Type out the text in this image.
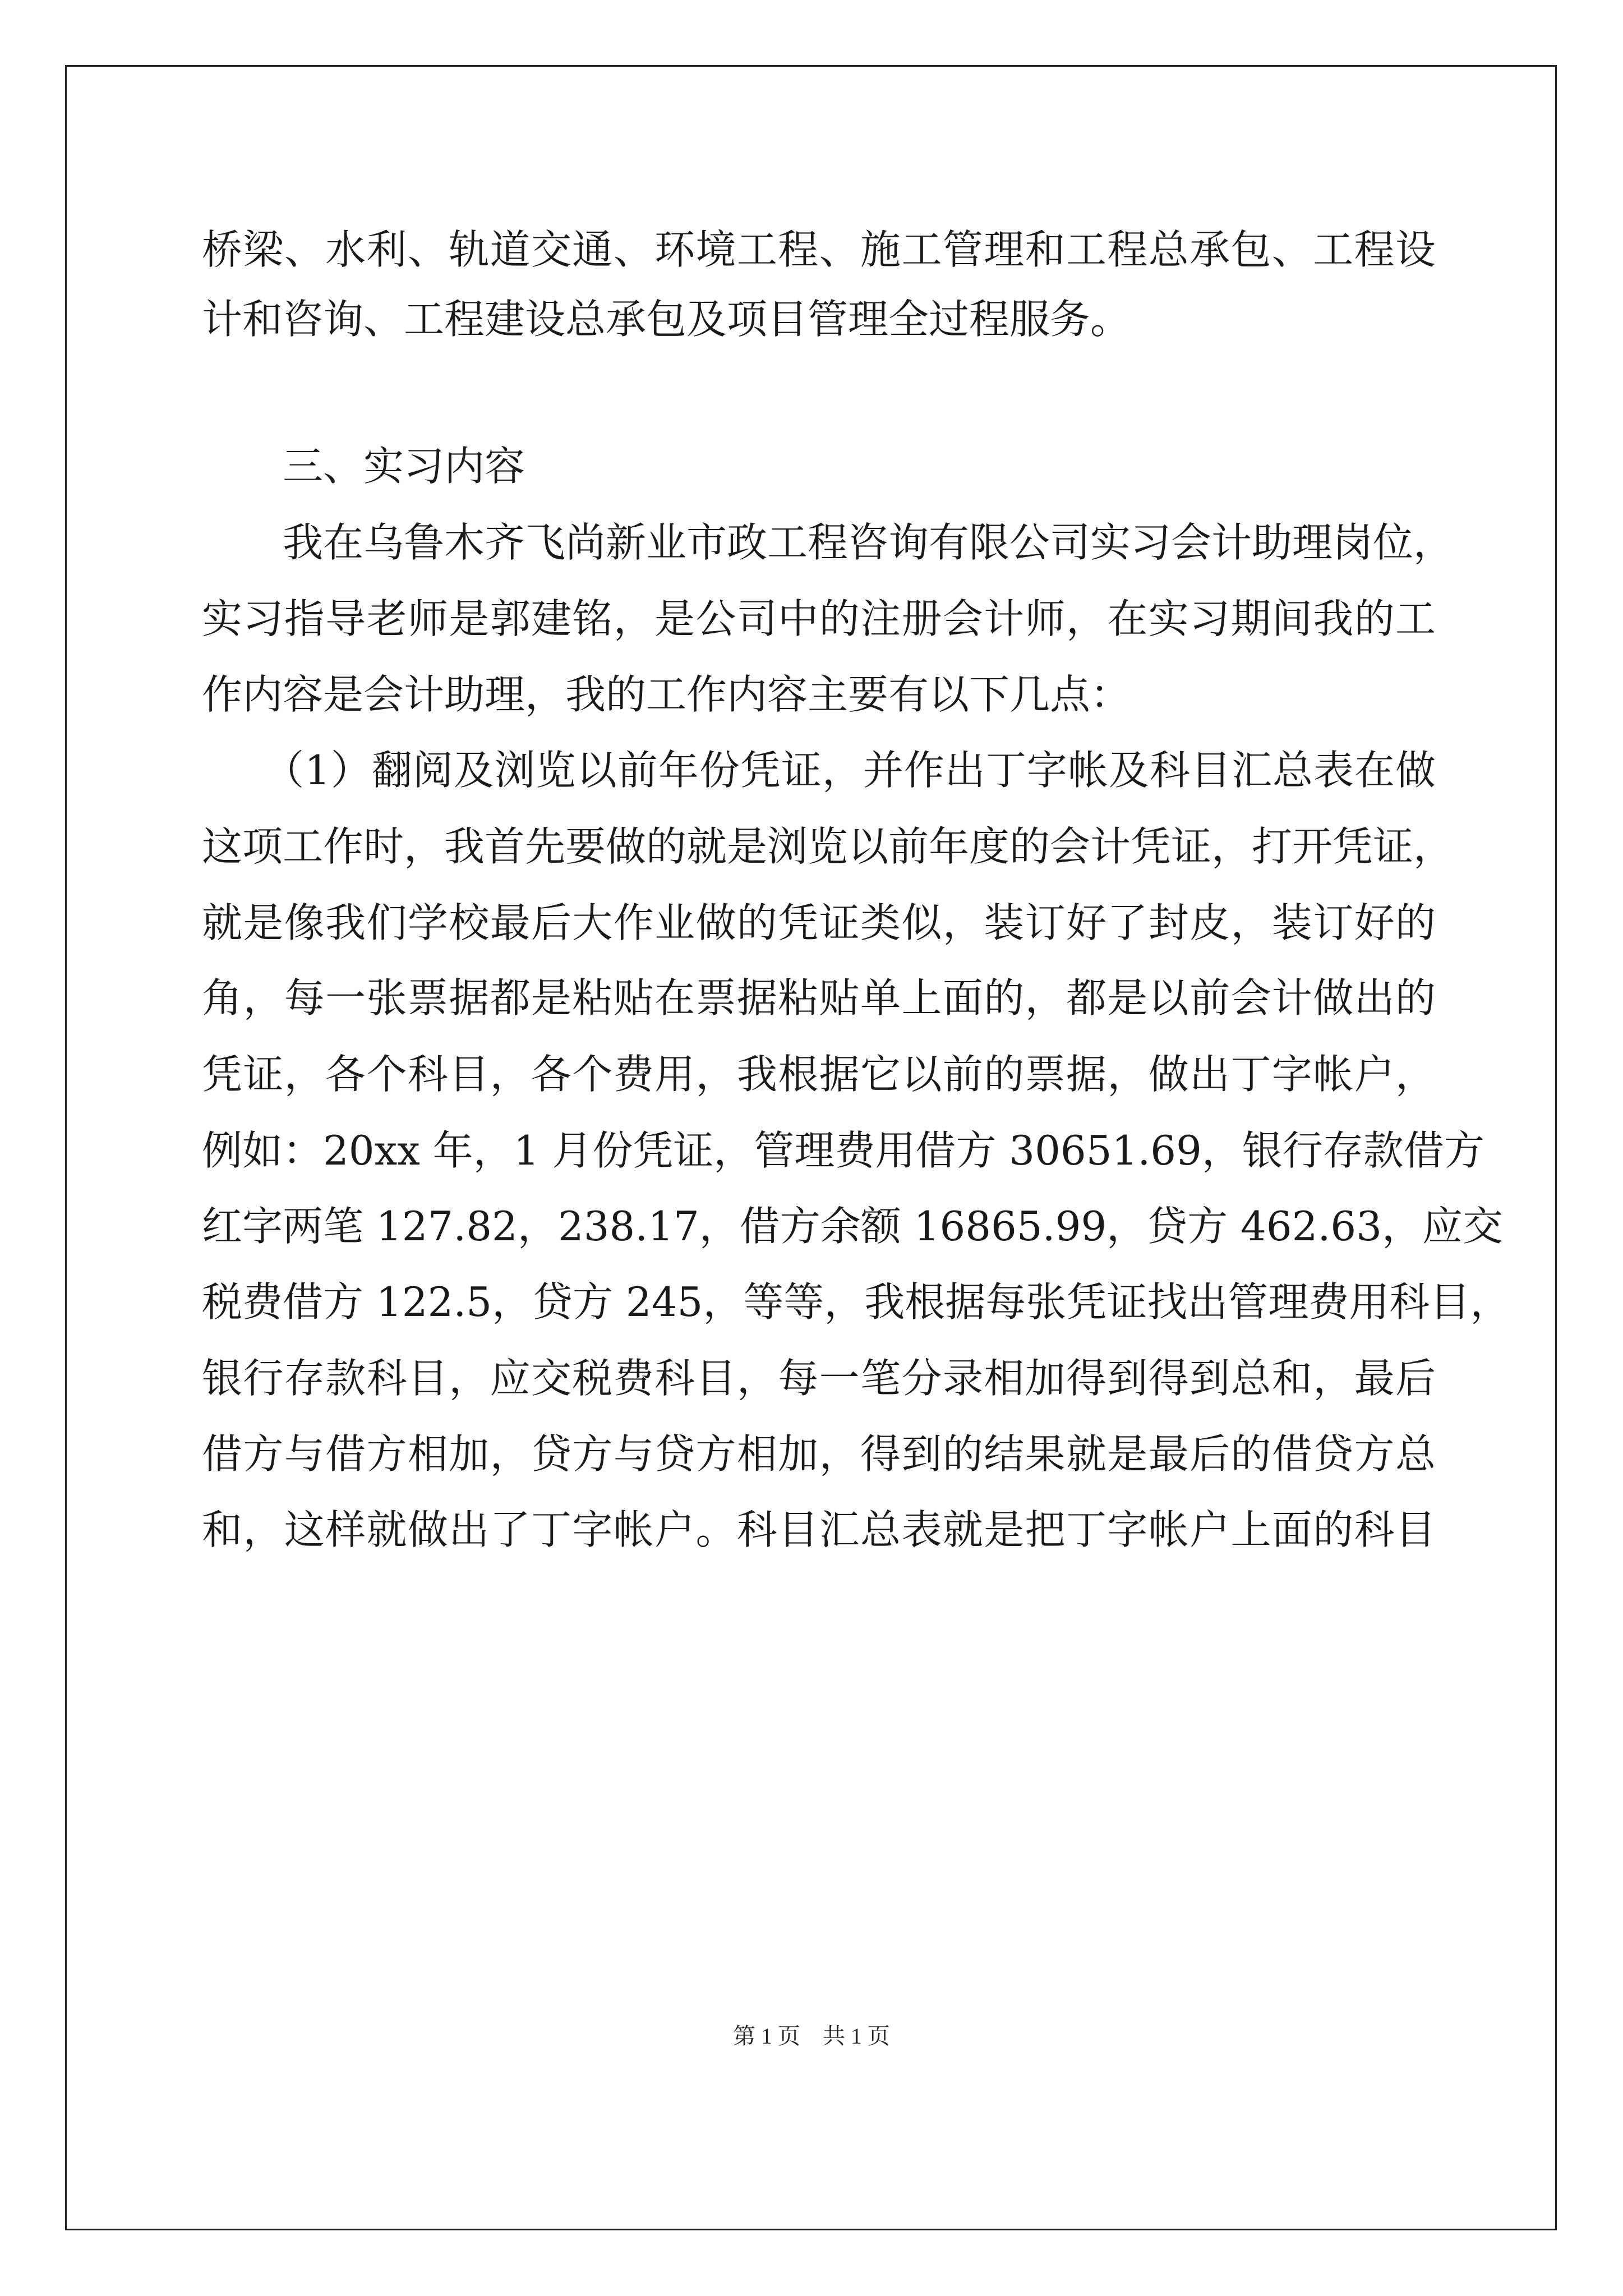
桥梁、水利、轨道交通、环境工程、施工管理和工程总承包、工程设
计和咨询、工程建设总承包及项目管理全过程服务。
三、实习内容
我在乌鲁木齐飞尚新业市政工程咨询有限公司实习会计助理岗位，
实习指导老师是郭建铭，是公司中的注册会计师，在实习期间我的工
作内容是会计助理，我的工作内容主要有以下几点：
（1）翻阅及浏览以前年份凭证，并作出丁字帐及科目汇总表在做
这项工作时，我首先要做的就是浏览以前年度的会计凭证，打开凭证，
就是像我们学校最后大作业做的凭证类似，装订好了封皮，装订好的
角，每一张票据都是粘贴在票据粘贴单上面的，都是以前会计做出的
凭证，各个科目，各个费用，我根据它以前的票据，做出丁字帐户，
例如：20xx 年，1 月份凭证，管理费用借方 30651.69，银行存款借方
红字两笔 127.82，238.17，借方余额 16865.99，贷方 462.63，应交
税费借方 122.5，贷方 245，等等，我根据每张凭证找出管理费用科目，
银行存款科目，应交税费科目，每一笔分录相加得到得到总和，最后
借方与借方相加，贷方与贷方相加，得到的结果就是最后的借贷方总
和，这样就做出了丁字帐户。科目汇总表就是把丁字帐户上面的科目
第 1 页 共 1 页
